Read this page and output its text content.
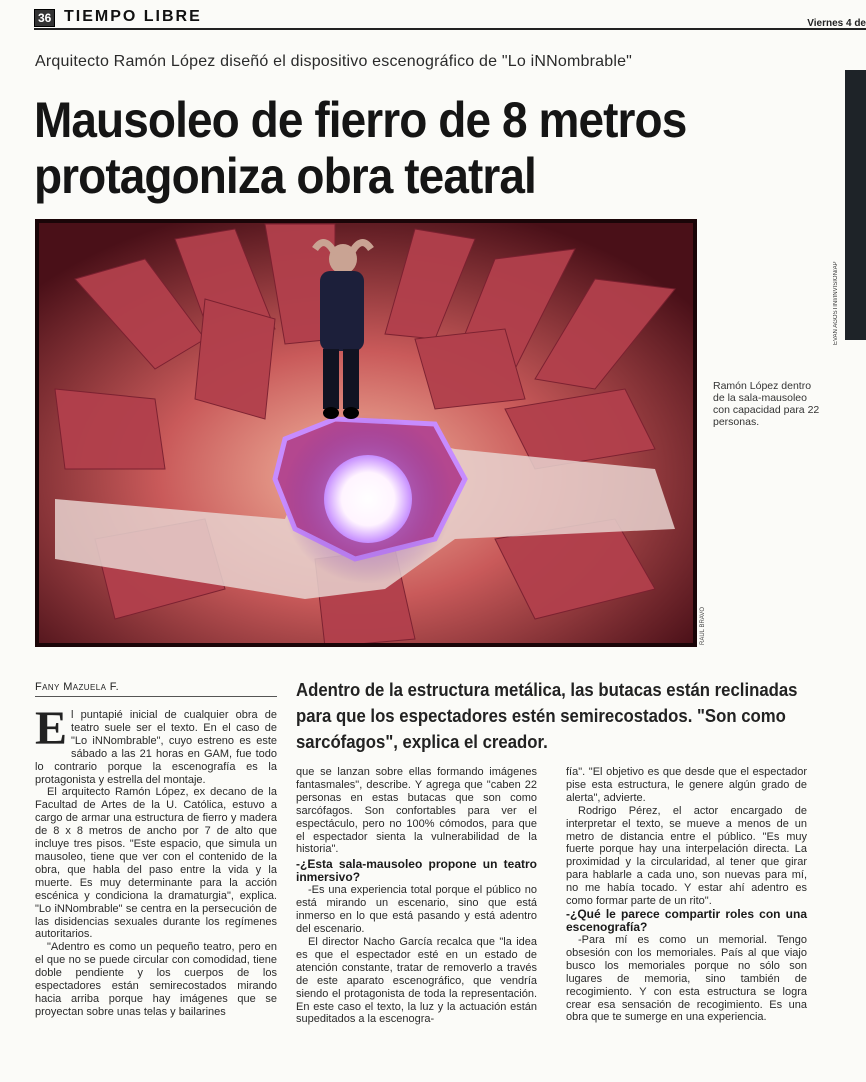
36 TIEMPO LIBRE	Viernes 4 de
Arquitecto Ramón López diseñó el dispositivo escenográfico de "Lo iNNombrable"
Mausoleo de fierro de 8 metros
protagoniza obra teatral
RAÚL BRAVO
EVAN AGOSTINI/INVISION/AP
Ramón López dentro de la sala-mausoleo con capacidad para 22 personas.
Fany Mazuela F.	Adentro de la estructura metálica, las butacas están reclinadas para que los espectadores estén semirecostados. "Son como sarcófagos", explica el creador.

El puntapié inicial de cualquier obra de teatro suele ser el texto. En el caso de "Lo iNNombrable", cuyo estreno es este sábado a las 21 horas en GAM, fue todo lo contrario porque la escenografía es la protagonista y estrella del montaje.

El arquitecto Ramón López, ex decano de la Facultad de Artes de la U. Católica, estuvo a cargo de armar una estructura de fierro y madera de 8 x 8 metros de ancho por 7 de alto que incluye tres pisos. "Este espacio, que simula un mausoleo, tiene que ver con el contenido de la obra, que habla del paso entre la vida y la muerte. Es muy determinante para la acción escénica y condiciona la dramaturgia", explica. "Lo iNNombrable" se centra en la persecución de las disidencias sexuales durante los regímenes autoritarios.

"Adentro es como un pequeño teatro, pero en el que no se puede circular con comodidad, tiene doble pendiente y los cuerpos de los espectadores están semirecostados mirando hacia arriba porque hay imágenes que se proyectan sobre unas telas y bailarines

que se lanzan sobre ellas formando imágenes fantasmales", describe. Y agrega que "caben 22 personas en estas butacas que son como sarcófagos. Son confortables para ver el espectáculo, pero no 100% cómodos, para que el espectador sienta la vulnerabilidad de la historia".

-¿Esta sala-mausoleo propone un teatro inmersivo?

-Es una experiencia total porque el público no está mirando un escenario, sino que está inmerso en lo que está pasando y está adentro del escenario.

El director Nacho García recalca que "la idea es que el espectador esté en un estado de atención constante, tratar de removerlo a través de este aparato escenográfico, que vendría siendo el protagonista de toda la representación. En este caso el texto, la luz y la actuación están supeditados a la escenogra-

fía". "El objetivo es que desde que el espectador pise esta estructura, le genere algún grado de alerta", advierte.

Rodrigo Pérez, el actor encargado de interpretar el texto, se mueve a menos de un metro de distancia entre el público. "Es muy fuerte porque hay una interpelación directa. La proximidad y la circularidad, al tener que girar para hablarle a cada uno, son nuevas para mí, no me había tocado. Y estar ahí adentro es como formar parte de un rito".

-¿Qué le parece compartir roles con una escenografía?

-Para mí es como un memorial. Tengo obsesión con los memoriales. País al que viajo busco los memoriales porque no sólo son lugares de memoria, sino también de recogimiento. Y con esta estructura se logra crear esa sensación de recogimiento. Es una obra que te sumerge en una experiencia.
